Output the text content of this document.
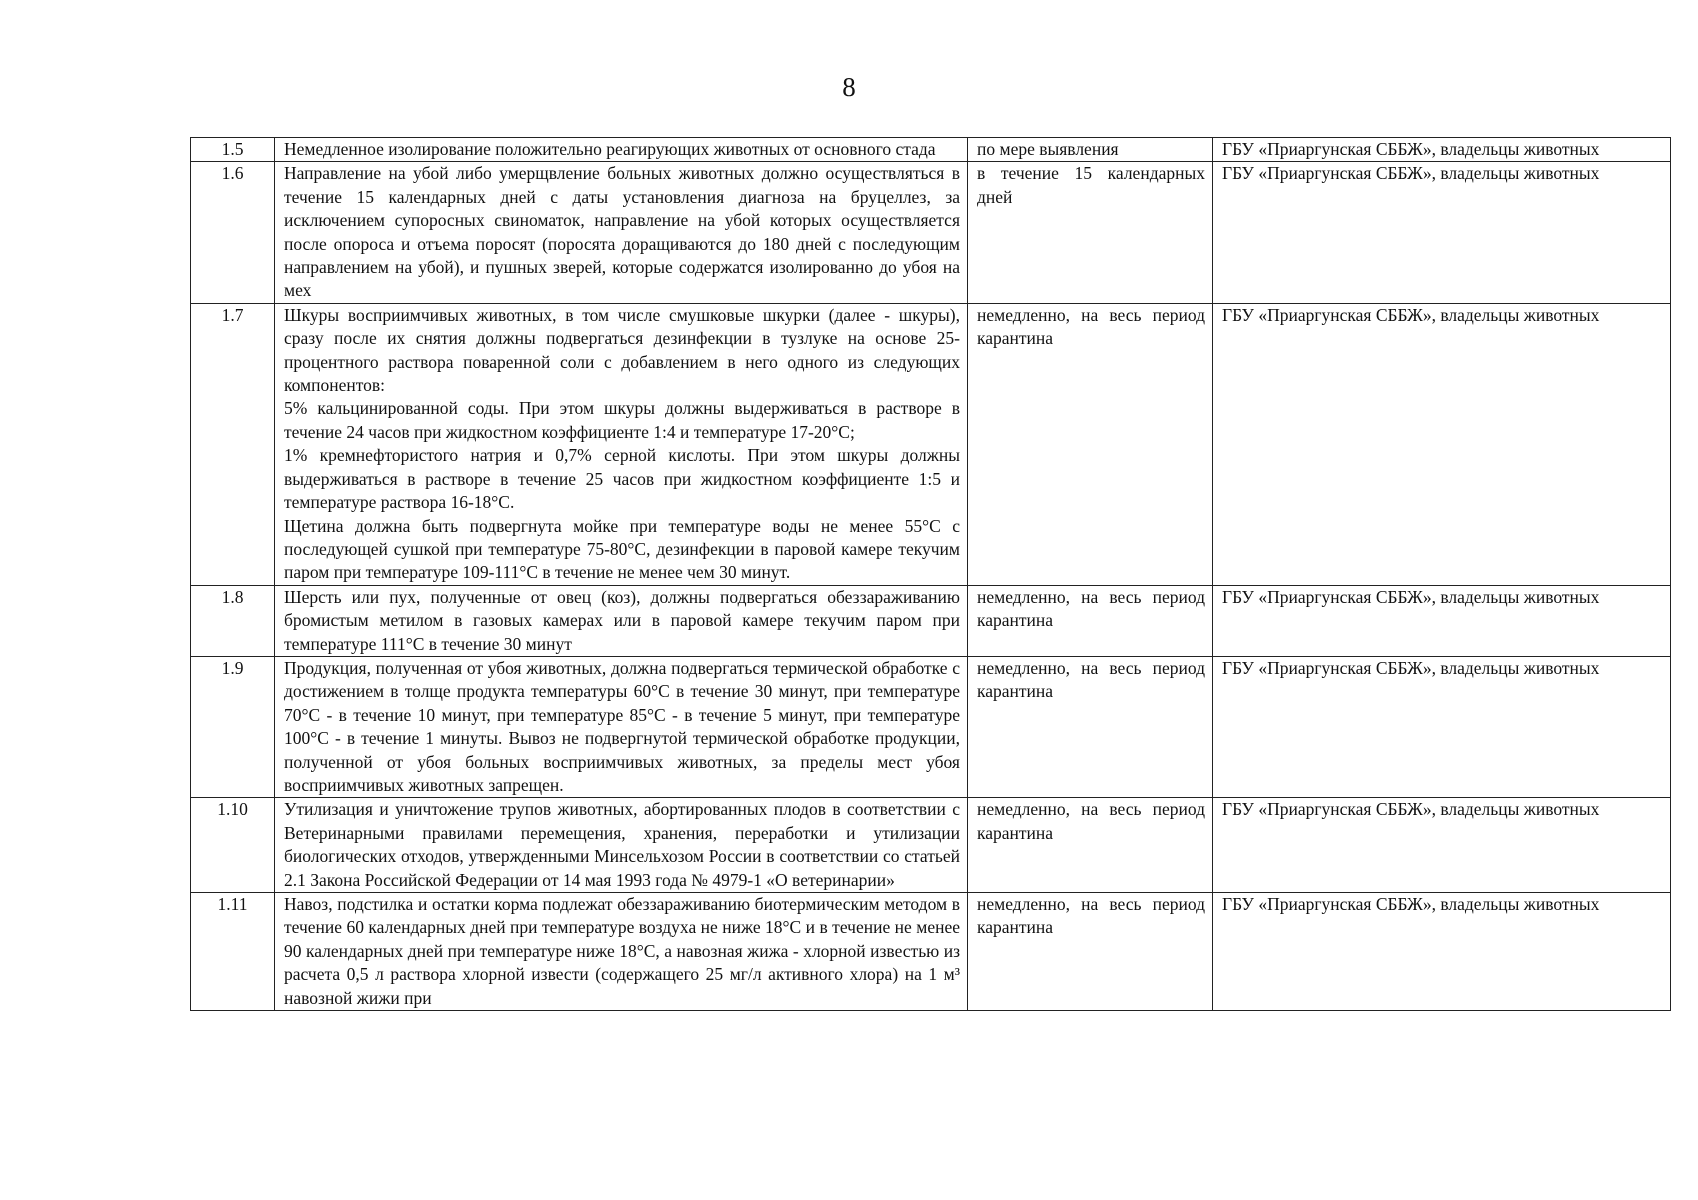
8
1.5	Немедленное изолирование положительно реагирующих животных от основного стада	по мере выявления	ГБУ «Приаргунская СББЖ», владельцы животных
1.6	Направление на убой либо умерщвление больных животных должно осуществляться в течение 15 календарных дней с даты установления диагноза на бруцеллез, за исключением супоросных свиноматок, направление на убой которых осуществляется после опороса и отъема поросят (поросята доращиваются до 180 дней с последующим направлением на убой), и пушных зверей, которые содержатся изолированно до убоя на мех	в течение 15 календарных дней	ГБУ «Приаргунская СББЖ», владельцы животных
1.7	Шкуры восприимчивых животных, в том числе смушковые шкурки (далее - шкуры), сразу после их снятия должны подвергаться дезинфекции в тузлуке на основе 25-процентного раствора поваренной соли с добавлением в него одного из следующих компонентов:

5% кальцинированной соды. При этом шкуры должны выдерживаться в растворе в течение 24 часов при жидкостном коэффициенте 1:4 и температуре 17-20°С;

1% кремнефтористого натрия и 0,7% серной кислоты. При этом шкуры должны выдерживаться в растворе в течение 25 часов при жидкостном коэффициенте 1:5 и температуре раствора 16-18°С.

Щетина должна быть подвергнута мойке при температуре воды не менее 55°С с последующей сушкой при температуре 75-80°С, дезинфекции в паровой камере текучим паром при температуре 109-111°С в течение не менее чем 30 минут.	немедленно, на весь период карантина	ГБУ «Приаргунская СББЖ», владельцы животных
1.8	Шерсть или пух, полученные от овец (коз), должны подвергаться обеззараживанию бромистым метилом в газовых камерах или в паровой камере текучим паром при температуре 111°С в течение 30 минут	немедленно, на весь период карантина	ГБУ «Приаргунская СББЖ», владельцы животных
1.9	Продукция, полученная от убоя животных, должна подвергаться термической обработке с достижением в толще продукта температуры 60°С в течение 30 минут, при температуре 70°С - в течение 10 минут, при температуре 85°С - в течение 5 минут, при температуре 100°С - в течение 1 минуты. Вывоз не подвергнутой термической обработке продукции, полученной от убоя больных восприимчивых животных, за пределы мест убоя восприимчивых животных запрещен.	немедленно, на весь период карантина	ГБУ «Приаргунская СББЖ», владельцы животных
1.10	Утилизация и уничтожение трупов животных, абортированных плодов в соответствии с Ветеринарными правилами перемещения, хранения, переработки и утилизации биологических отходов, утвержденными Минсельхозом России в соответствии со статьей 2.1 Закона Российской Федерации от 14 мая 1993 года № 4979-1 «О ветеринарии»	немедленно, на весь период карантина	ГБУ «Приаргунская СББЖ», владельцы животных
1.11	Навоз, подстилка и остатки корма подлежат обеззараживанию биотермическим методом в течение 60 календарных дней при температуре воздуха не ниже 18°С и в течение не менее 90 календарных дней при температуре ниже 18°С, а навозная жижа - хлорной известью из расчета 0,5 л раствора хлорной извести (содержащего 25 мг/л активного хлора) на 1 м³ навозной жижи при	немедленно, на весь период карантина	ГБУ «Приаргунская СББЖ», владельцы животных
